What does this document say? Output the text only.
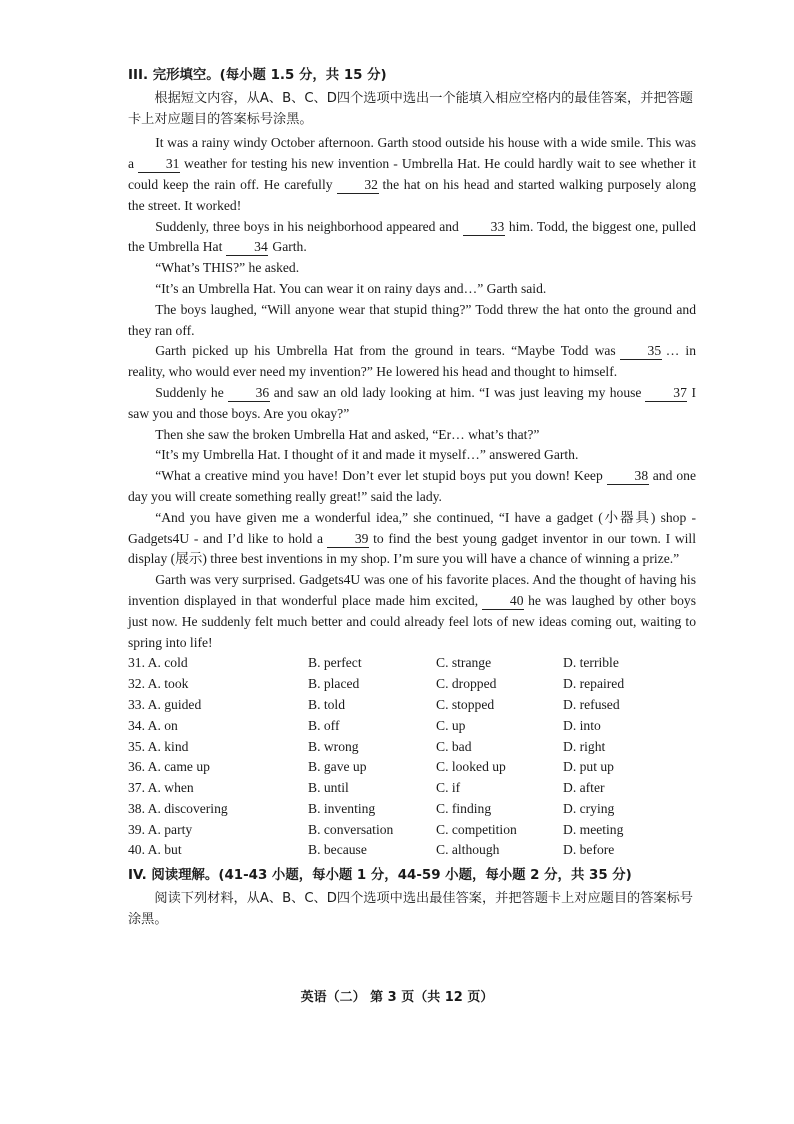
III. 完形填空。(每小题 1.5 分，共 15 分)

根据短文内容，从A、B、C、D四个选项中选出一个能填入相应空格内的最佳答案，并把答题卡上对应题目的答案标号涂黑。

It was a rainy windy October afternoon. Garth stood outside his house with a wide smile. This was a 31 weather for testing his new invention - Umbrella Hat. He could hardly wait to see whether it could keep the rain off. He carefully 32 the hat on his head and started walking purposely along the street. It worked!

Suddenly, three boys in his neighborhood appeared and 33 him. Todd, the biggest one, pulled the Umbrella Hat 34 Garth.

“What’s THIS?” he asked.

“It’s an Umbrella Hat. You can wear it on rainy days and…” Garth said.

The boys laughed, “Will anyone wear that stupid thing?” Todd threw the hat onto the ground and they ran off.

Garth picked up his Umbrella Hat from the ground in tears. “Maybe Todd was 35 … in reality, who would ever need my invention?” He lowered his head and thought to himself.

Suddenly he 36 and saw an old lady looking at him. “I was just leaving my house 37 I saw you and those boys. Are you okay?”

Then she saw the broken Umbrella Hat and asked, “Er… what’s that?”

“It’s my Umbrella Hat. I thought of it and made it myself…” answered Garth.

“What a creative mind you have! Don’t ever let stupid boys put you down! Keep 38 and one day you will create something really great!” said the lady.

“And you have given me a wonderful idea,” she continued, “I have a gadget (小器具) shop - Gadgets4U - and I’d like to hold a 39 to find the best young gadget inventor in our town. I will display (展示) three best inventions in my shop. I’m sure you will have a chance of winning a prize.”

Garth was very surprised. Gadgets4U was one of his favorite places. And the thought of having his invention displayed in that wonderful place made him excited, 40 he was laughed by other boys just now. He suddenly felt much better and could already feel lots of new ideas coming out, waiting to spring into life!

31. A. cold	B. perfect	C. strange	D. terrible
32. A. took	B. placed	C. dropped	D. repaired
33. A. guided	B. told	C. stopped	D. refused
34. A. on	B. off	C. up	D. into
35. A. kind	B. wrong	C. bad	D. right
36. A. came up	B. gave up	C. looked up	D. put up
37. A. when	B. until	C. if	D. after
38. A. discovering	B. inventing	C. finding	D. crying
39. A. party	B. conversation	C. competition	D. meeting
40. A. but	B. because	C. although	D. before

IV. 阅读理解。(41-43 小题，每小题 1 分，44-59 小题，每小题 2 分，共 35 分)

阅读下列材料，从A、B、C、D四个选项中选出最佳答案，并把答题卡上对应题目的答案标号涂黑。

英语（二） 第 3 页（共 12 页）
